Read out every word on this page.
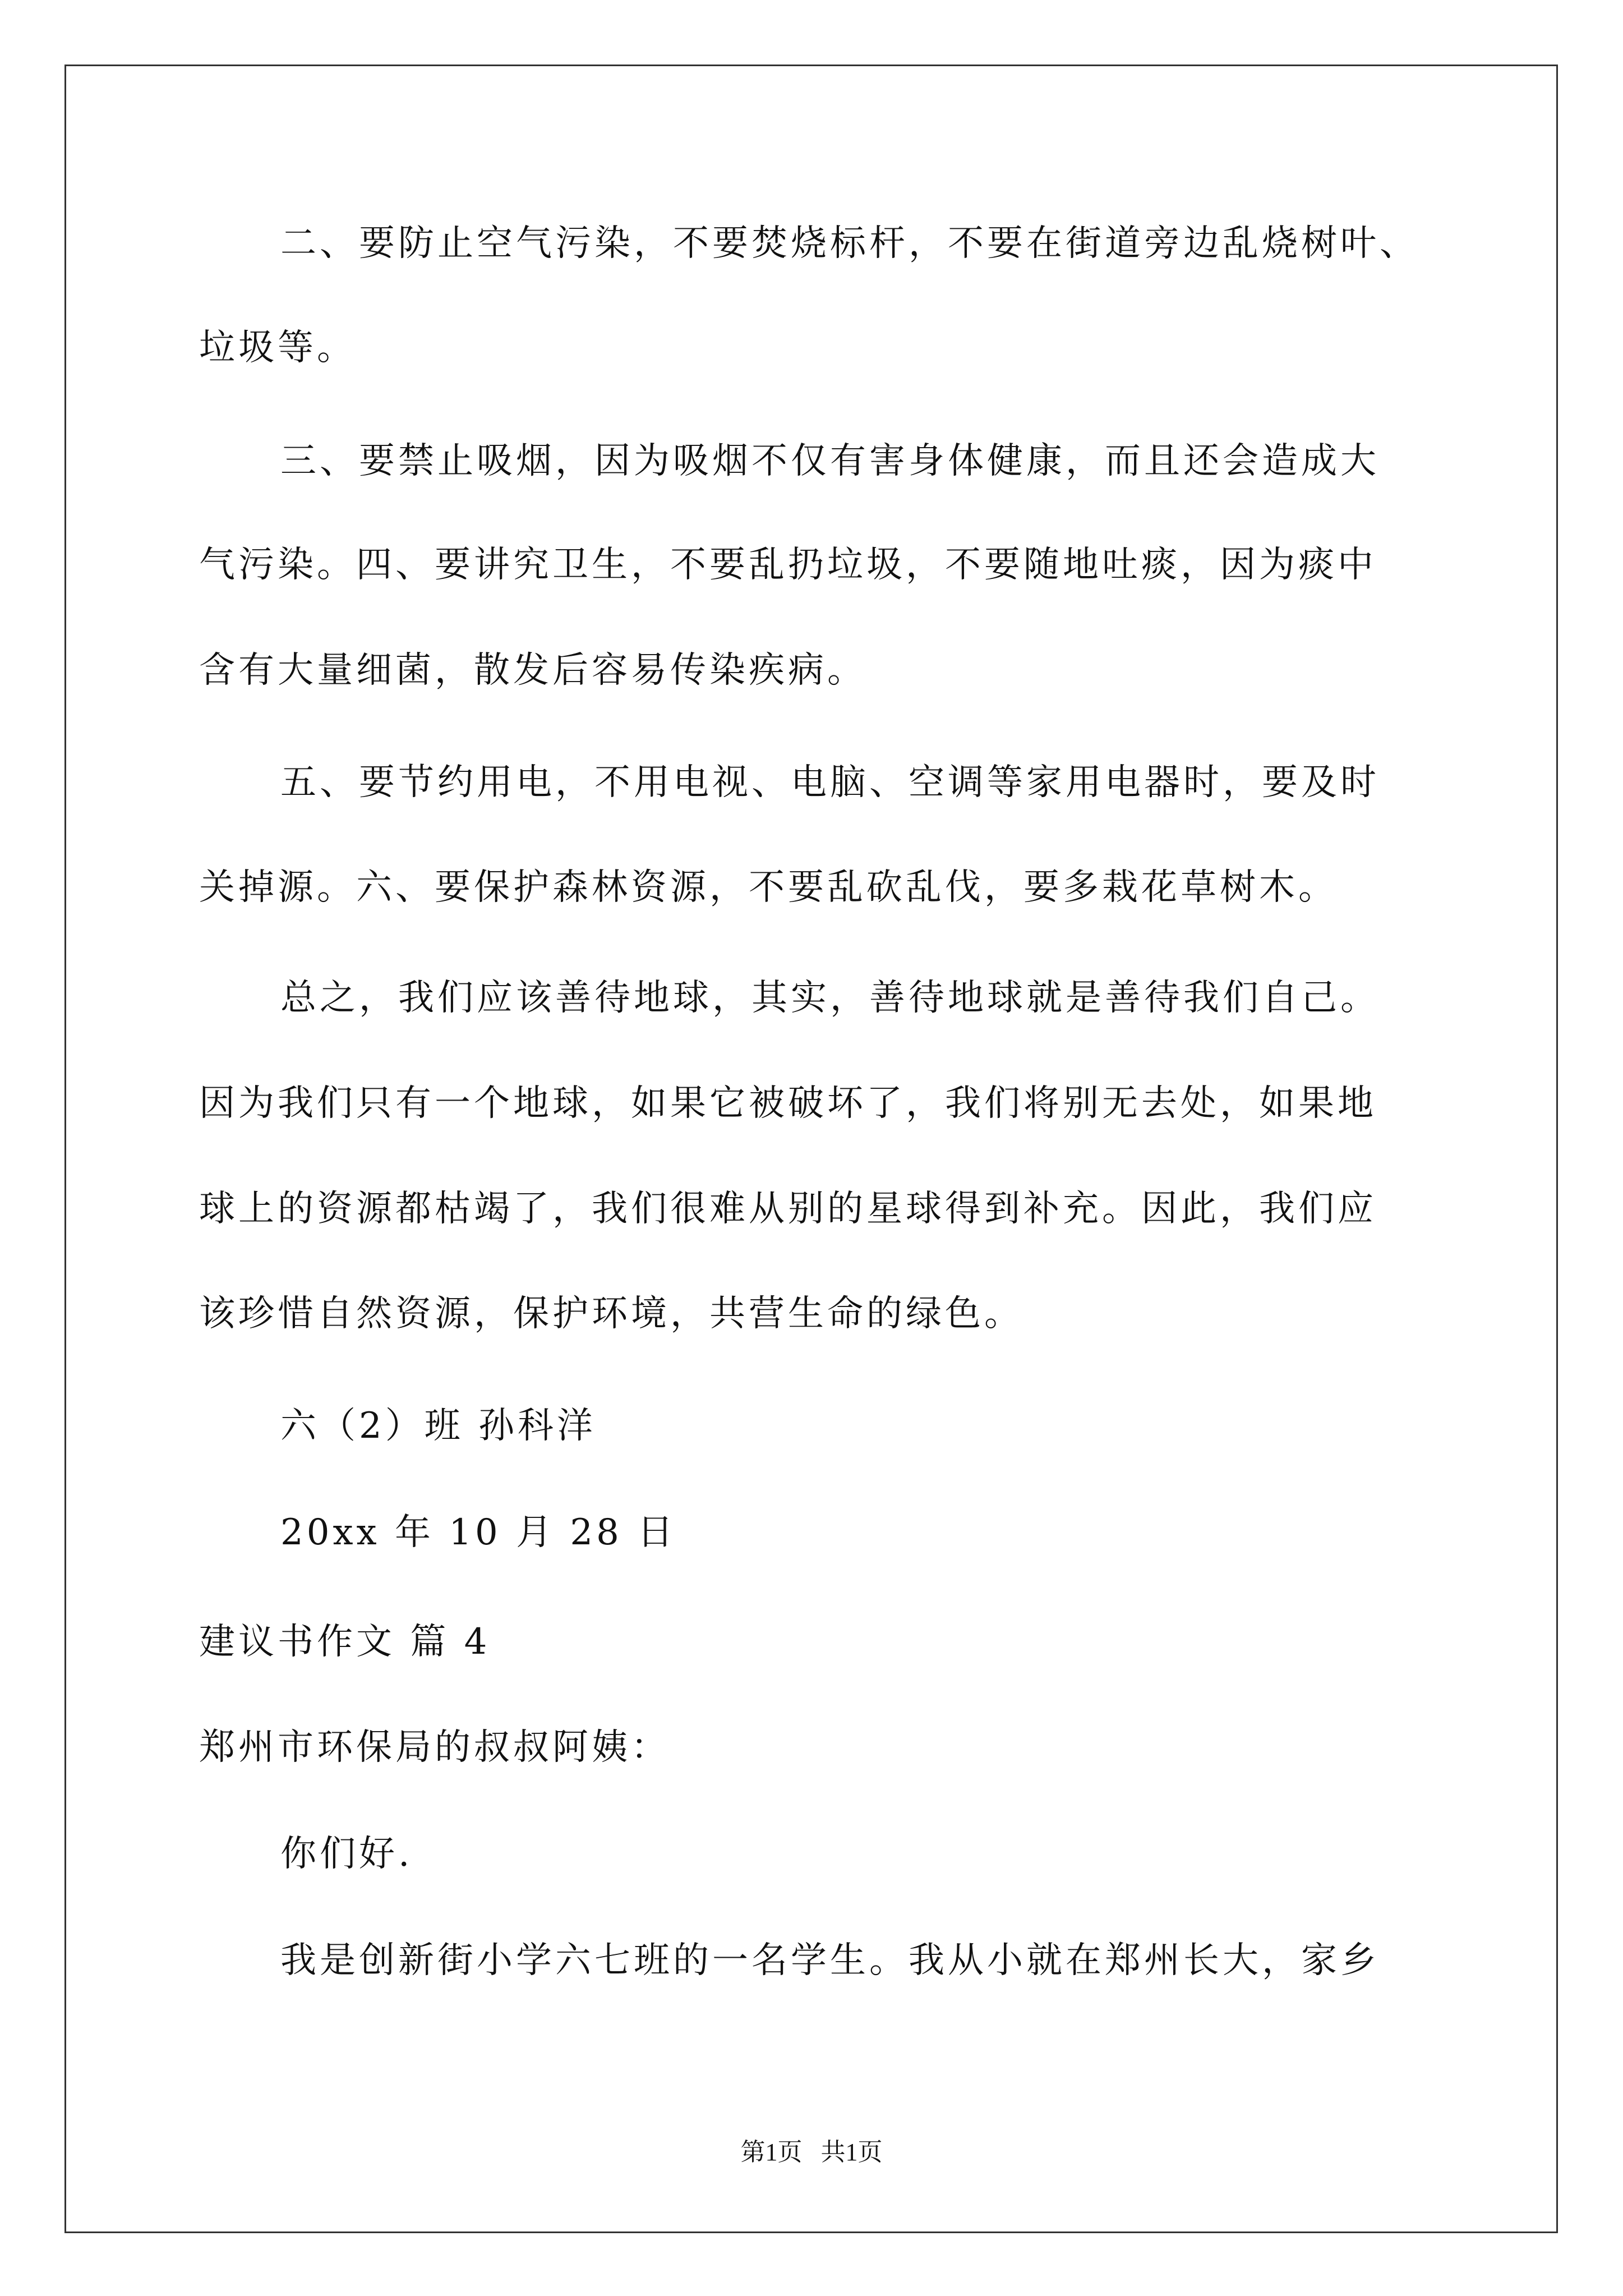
二、要防止空气污染，不要焚烧标杆，不要在街道旁边乱烧树叶、
垃圾等。
三、要禁止吸烟，因为吸烟不仅有害身体健康，而且还会造成大
气污染。四、要讲究卫生，不要乱扔垃圾，不要随地吐痰，因为痰中
含有大量细菌，散发后容易传染疾病。
五、要节约用电，不用电视、电脑、空调等家用电器时，要及时
关掉源。六、要保护森林资源，不要乱砍乱伐，要多栽花草树木。
总之，我们应该善待地球，其实，善待地球就是善待我们自己。
因为我们只有一个地球，如果它被破坏了，我们将别无去处，如果地
球上的资源都枯竭了，我们很难从别的星球得到补充。因此，我们应
该珍惜自然资源，保护环境，共营生命的绿色。
六（2）班 孙科洋
20xx 年 10 月 28 日
建议书作文 篇 4
郑州市环保局的叔叔阿姨：
你们好.
我是创新街小学六七班的一名学生。我从小就在郑州长大，家乡
第1页   共1页
